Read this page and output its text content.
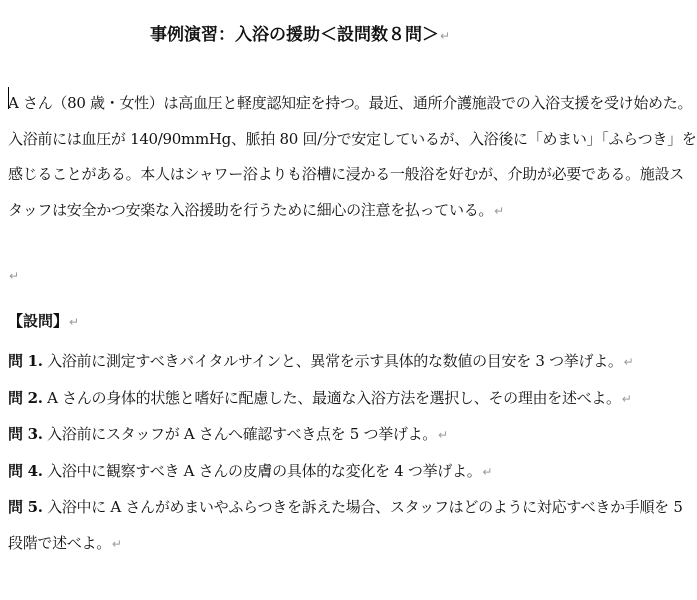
事例演習：入浴の援助＜設問数８問＞↵
A さん（80 歳・女性）は高血圧と軽度認知症を持つ。最近、通所介護施設での入浴支援を受け始めた。
入浴前には血圧が 140/90mmHg、脈拍 80 回/分で安定しているが、入浴後に「めまい」「ふらつき」を
感じることがある。本人はシャワー浴よりも浴槽に浸かる一般浴を好むが、介助が必要である。施設ス
タッフは安全かつ安楽な入浴援助を行うために細心の注意を払っている。↵
↵
【設問】↵
問 1. 入浴前に測定すべきバイタルサインと、異常を示す具体的な数値の目安を 3 つ挙げよ。↵
問 2. A さんの身体的状態と嗜好に配慮した、最適な入浴方法を選択し、その理由を述べよ。↵
問 3. 入浴前にスタッフが A さんへ確認すべき点を 5 つ挙げよ。↵
問 4. 入浴中に観察すべき A さんの皮膚の具体的な変化を 4 つ挙げよ。↵
問 5. 入浴中に A さんがめまいやふらつきを訴えた場合、スタッフはどのように対応すべきか手順を 5
段階で述べよ。↵
